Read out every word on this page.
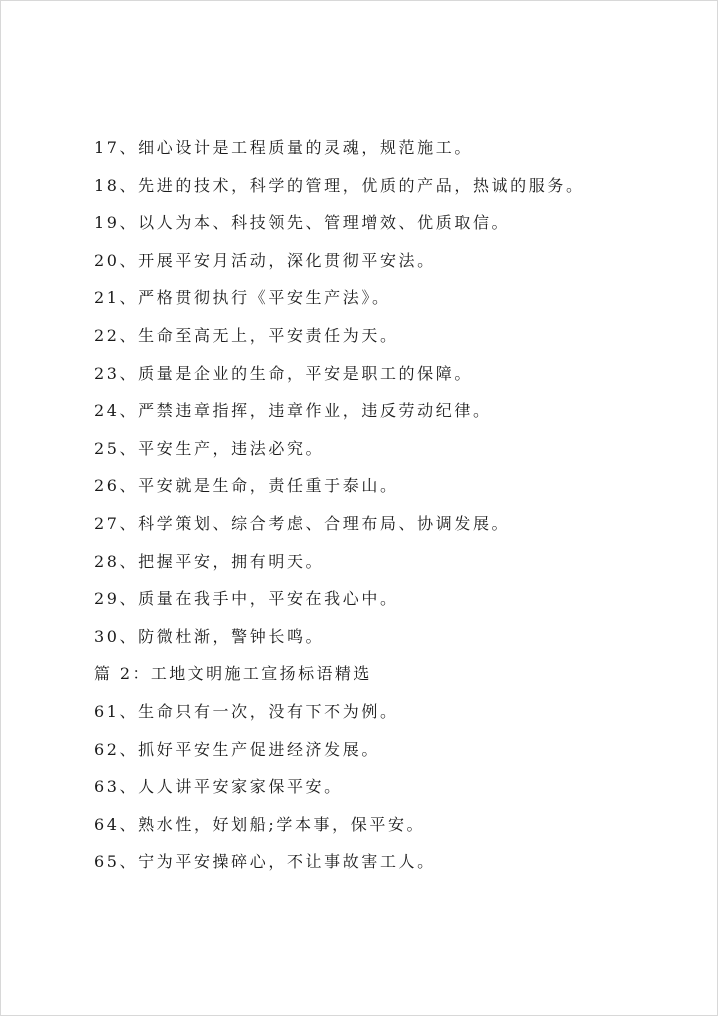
17、细心设计是工程质量的灵魂，规范施工。
18、先进的技术，科学的管理，优质的产品，热诚的服务。
19、以人为本、科技领先、管理增效、优质取信。
20、开展平安月活动，深化贯彻平安法。
21、严格贯彻执行《平安生产法》。
22、生命至高无上，平安责任为天。
23、质量是企业的生命，平安是职工的保障。
24、严禁违章指挥，违章作业，违反劳动纪律。
25、平安生产，违法必究。
26、平安就是生命，责任重于泰山。
27、科学策划、综合考虑、合理布局、协调发展。
28、把握平安，拥有明天。
29、质量在我手中，平安在我心中。
30、防微杜渐，警钟长鸣。
篇 2：工地文明施工宣扬标语精选
61、生命只有一次，没有下不为例。
62、抓好平安生产促进经济发展。
63、人人讲平安家家保平安。
64、熟水性，好划船;学本事，保平安。
65、宁为平安操碎心，不让事故害工人。
